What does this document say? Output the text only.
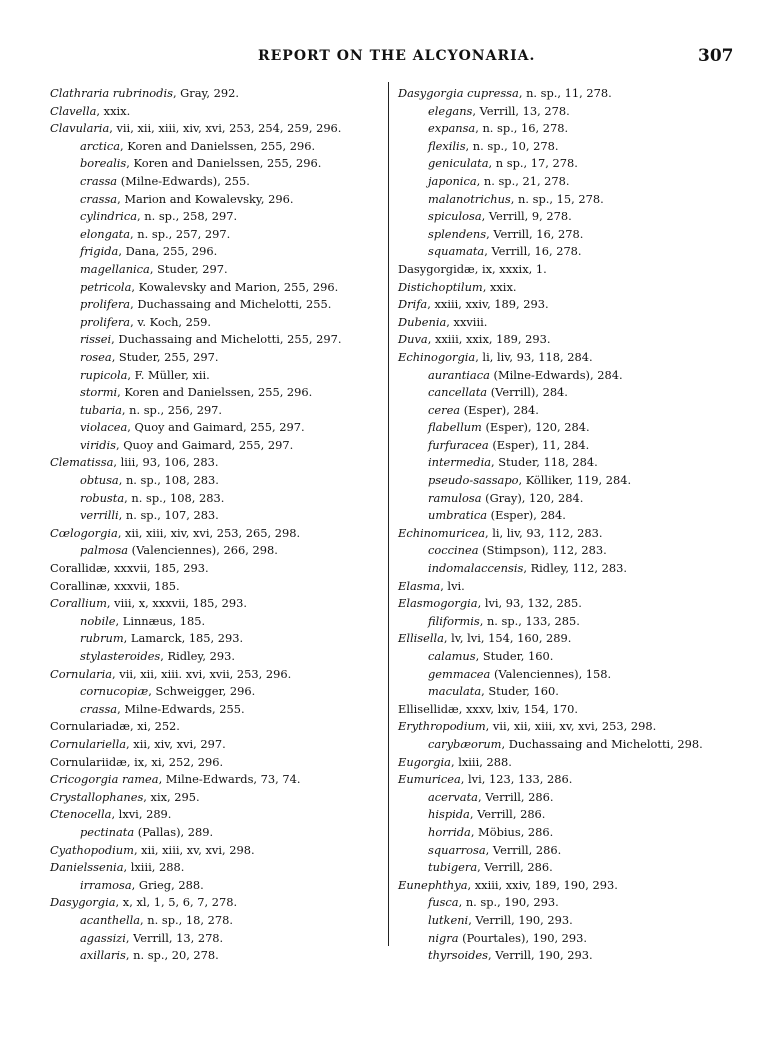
REPORT ON THE ALCYONARIA.	307
Clathraria rubrinodis, Gray, 292.
Clavella, xxix.
Clavularia, vii, xii, xiii, xiv, xvi, 253, 254, 259, 296.
arctica, Koren and Danielssen, 255, 296.
borealis, Koren and Danielssen, 255, 296.
crassa (Milne-Edwards), 255.
crassa, Marion and Kowalevsky, 296.
cylindrica, n. sp., 258, 297.
elongata, n. sp., 257, 297.
frigida, Dana, 255, 296.
magellanica, Studer, 297.
petricola, Kowalevsky and Marion, 255, 296.
prolifera, Duchassaing and Michelotti, 255.
prolifera, v. Koch, 259.
rissei, Duchassaing and Michelotti, 255, 297.
rosea, Studer, 255, 297.
rupicola, F. Müller, xii.
stormi, Koren and Danielssen, 255, 296.
tubaria, n. sp., 256, 297.
violacea, Quoy and Gaimard, 255, 297.
viridis, Quoy and Gaimard, 255, 297.
Clematissa, liii, 93, 106, 283.
obtusa, n. sp., 108, 283.
robusta, n. sp., 108, 283.
verrilli, n. sp., 107, 283.
Cœlogorgia, xii, xiii, xiv, xvi, 253, 265, 298.
palmosa (Valenciennes), 266, 298.
Corallidæ, xxxvii, 185, 293.
Corallinæ, xxxvii, 185.
Corallium, viii, x, xxxvii, 185, 293.
nobile, Linnæus, 185.
rubrum, Lamarck, 185, 293.
stylasteroides, Ridley, 293.
Cornularia, vii, xii, xiii. xvi, xvii, 253, 296.
cornucopiæ, Schweigger, 296.
crassa, Milne-Edwards, 255.
Cornulariadæ, xi, 252.
Cornulariella, xii, xiv, xvi, 297.
Cornulariidæ, ix, xi, 252, 296.
Cricogorgia ramea, Milne-Edwards, 73, 74.
Crystallophanes, xix, 295.
Ctenocella, lxvi, 289.
pectinata (Pallas), 289.
Cyathopodium, xii, xiii, xv, xvi, 298.
Danielssenia, lxiii, 288.
irramosa, Grieg, 288.
Dasygorgia, x, xl, 1, 5, 6, 7, 278.
acanthella, n. sp., 18, 278.
agassizi, Verrill, 13, 278.
axillaris, n. sp., 20, 278.
Dasygorgia cupressa, n. sp., 11, 278.
elegans, Verrill, 13, 278.
expansa, n. sp., 16, 278.
flexilis, n. sp., 10, 278.
geniculata, n sp., 17, 278.
japonica, n. sp., 21, 278.
malanotrichus, n. sp., 15, 278.
spiculosa, Verrill, 9, 278.
splendens, Verrill, 16, 278.
squamata, Verrill, 16, 278.
Dasygorgidæ, ix, xxxix, 1.
Distichoptilum, xxix.
Drifa, xxiii, xxiv, 189, 293.
Dubenia, xxviii.
Duva, xxiii, xxix, 189, 293.
Echinogorgia, li, liv, 93, 118, 284.
aurantiaca (Milne-Edwards), 284.
cancellata (Verrill), 284.
cerea (Esper), 284.
flabellum (Esper), 120, 284.
furfuracea (Esper), 11, 284.
intermedia, Studer, 118, 284.
pseudo-sassapo, Kölliker, 119, 284.
ramulosa (Gray), 120, 284.
umbratica (Esper), 284.
Echinomuricea, li, liv, 93, 112, 283.
coccinea (Stimpson), 112, 283.
indomalaccensis, Ridley, 112, 283.
Elasma, lvi.
Elasmogorgia, lvi, 93, 132, 285.
filiformis, n. sp., 133, 285.
Ellisella, lv, lvi, 154, 160, 289.
calamus, Studer, 160.
gemmacea (Valenciennes), 158.
maculata, Studer, 160.
Ellisellidæ, xxxv, lxiv, 154, 170.
Erythropodium, vii, xii, xiii, xv, xvi, 253, 298.
carybæorum, Duchassaing and Michelotti, 298.
Eugorgia, lxiii, 288.
Eumuricea, lvi, 123, 133, 286.
acervata, Verrill, 286.
hispida, Verrill, 286.
horrida, Möbius, 286.
squarrosa, Verrill, 286.
tubigera, Verrill, 286.
Eunephthya, xxiii, xxiv, 189, 190, 293.
fusca, n. sp., 190, 293.
lutkeni, Verrill, 190, 293.
nigra (Pourtales), 190, 293.
thyrsoides, Verrill, 190, 293.
